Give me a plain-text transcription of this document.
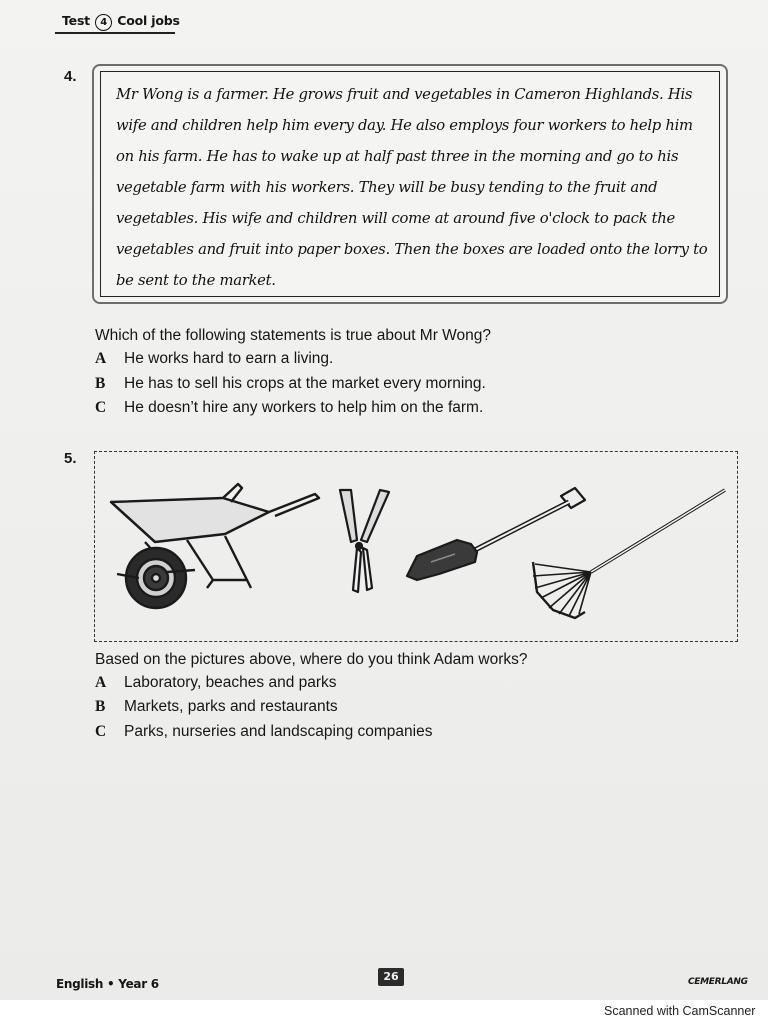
Test 4 Cool jobs
4.

Mr Wong is a farmer. He grows fruit and vegetables in Cameron Highlands. His wife and children help him every day. He also employs four workers to help him on his farm. He has to wake up at half past three in the morning and go to his vegetable farm with his workers. They will be busy tending to the fruit and vegetables. His wife and children will come at around five o'clock to pack the vegetables and fruit into paper boxes. Then the boxes are loaded onto the lorry to be sent to the market.

Which of the following statements is true about Mr Wong?
A He works hard to earn a living.
B He has to sell his crops at the market every morning.
C He doesn’t hire any workers to help him on the farm.
5.
Based on the pictures above, where do you think Adam works?
A Laboratory, beaches and parks
B Markets, parks and restaurants
C Parks, nurseries and landscaping companies
English • Year 6
26	CEMERLANG
Scanned with CamScanner
